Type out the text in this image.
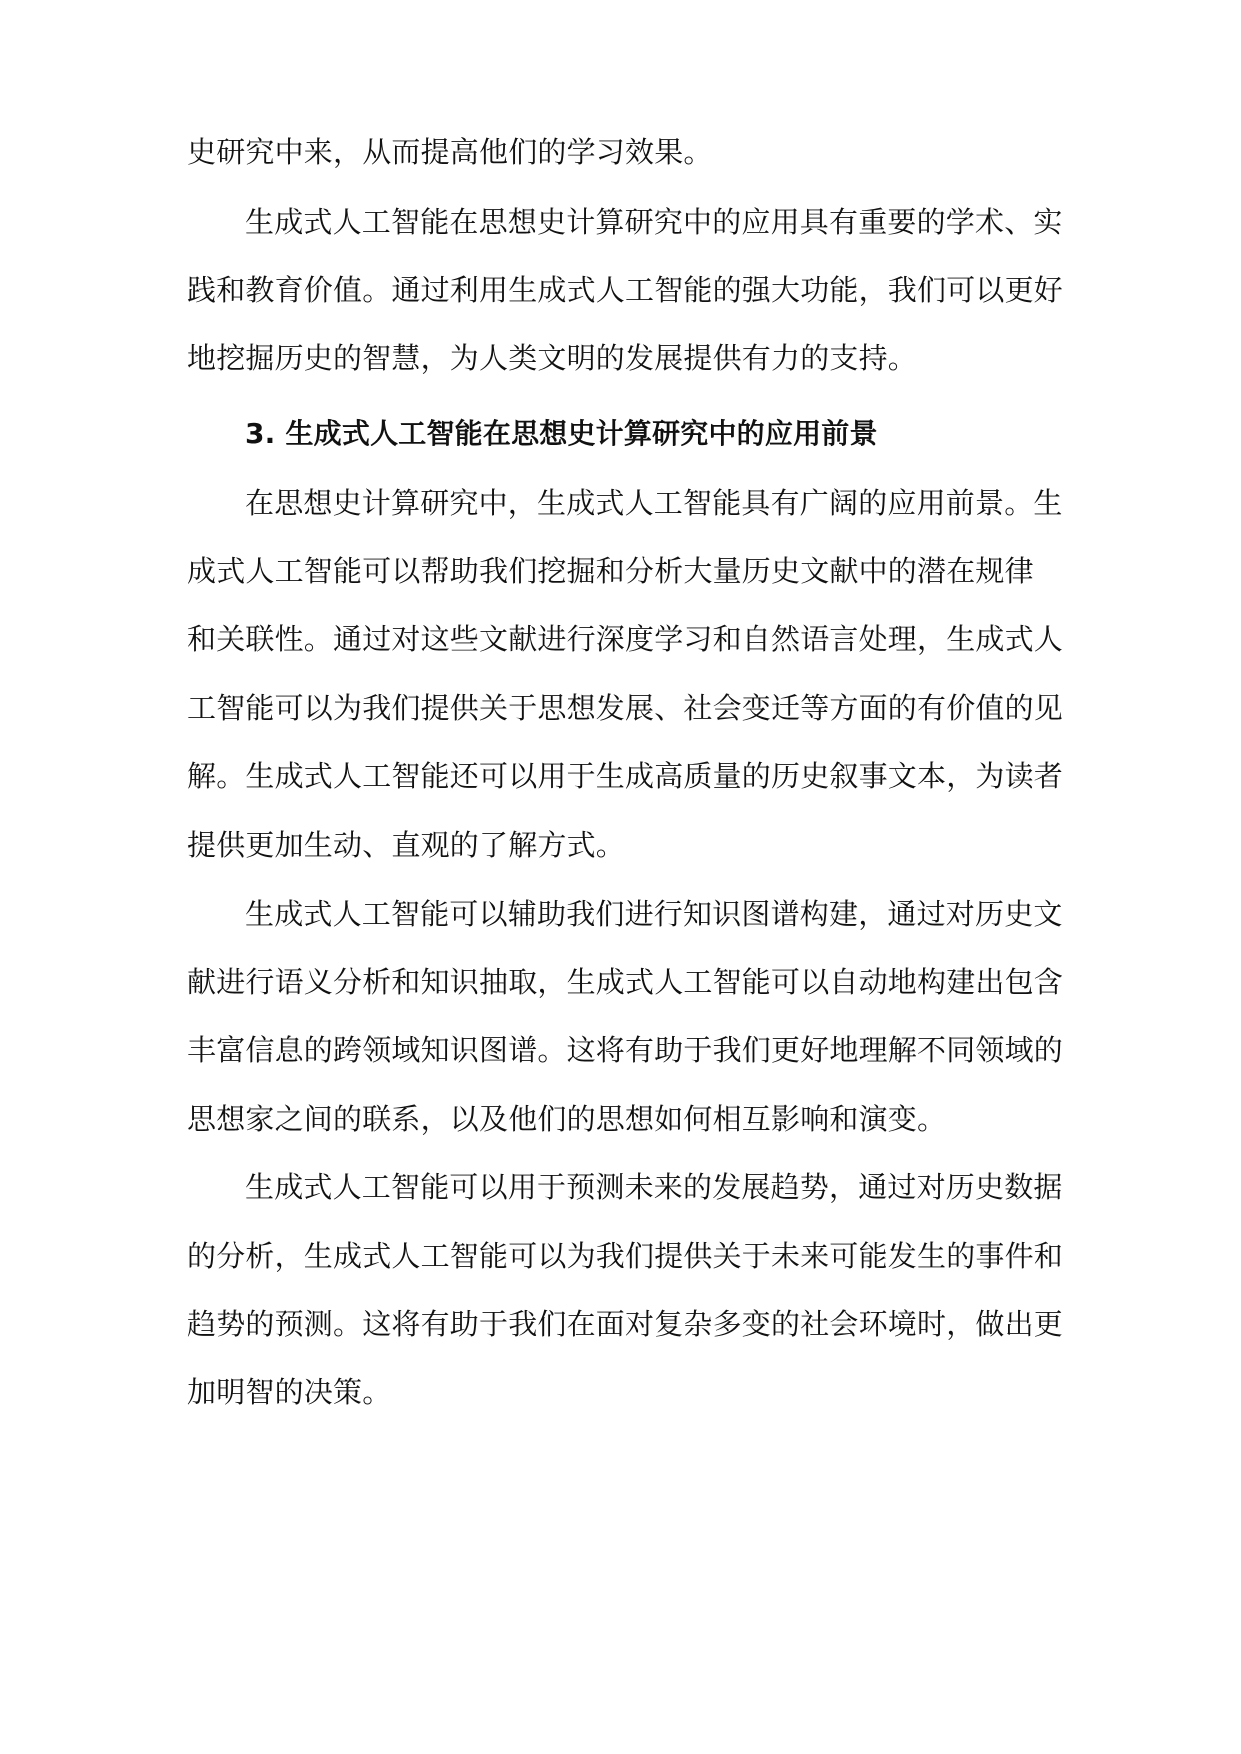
史研究中来，从而提高他们的学习效果。
生成式人工智能在思想史计算研究中的应用具有重要的学术、实
践和教育价值。通过利用生成式人工智能的强大功能，我们可以更好
地挖掘历史的智慧，为人类文明的发展提供有力的支持。
3. 生成式人工智能在思想史计算研究中的应用前景
在思想史计算研究中，生成式人工智能具有广阔的应用前景。生
成式人工智能可以帮助我们挖掘和分析大量历史文献中的潜在规律
和关联性。通过对这些文献进行深度学习和自然语言处理，生成式人
工智能可以为我们提供关于思想发展、社会变迁等方面的有价值的见
解。生成式人工智能还可以用于生成高质量的历史叙事文本，为读者
提供更加生动、直观的了解方式。
生成式人工智能可以辅助我们进行知识图谱构建，通过对历史文
献进行语义分析和知识抽取，生成式人工智能可以自动地构建出包含
丰富信息的跨领域知识图谱。这将有助于我们更好地理解不同领域的
思想家之间的联系，以及他们的思想如何相互影响和演变。
生成式人工智能可以用于预测未来的发展趋势，通过对历史数据
的分析，生成式人工智能可以为我们提供关于未来可能发生的事件和
趋势的预测。这将有助于我们在面对复杂多变的社会环境时，做出更
加明智的决策。
